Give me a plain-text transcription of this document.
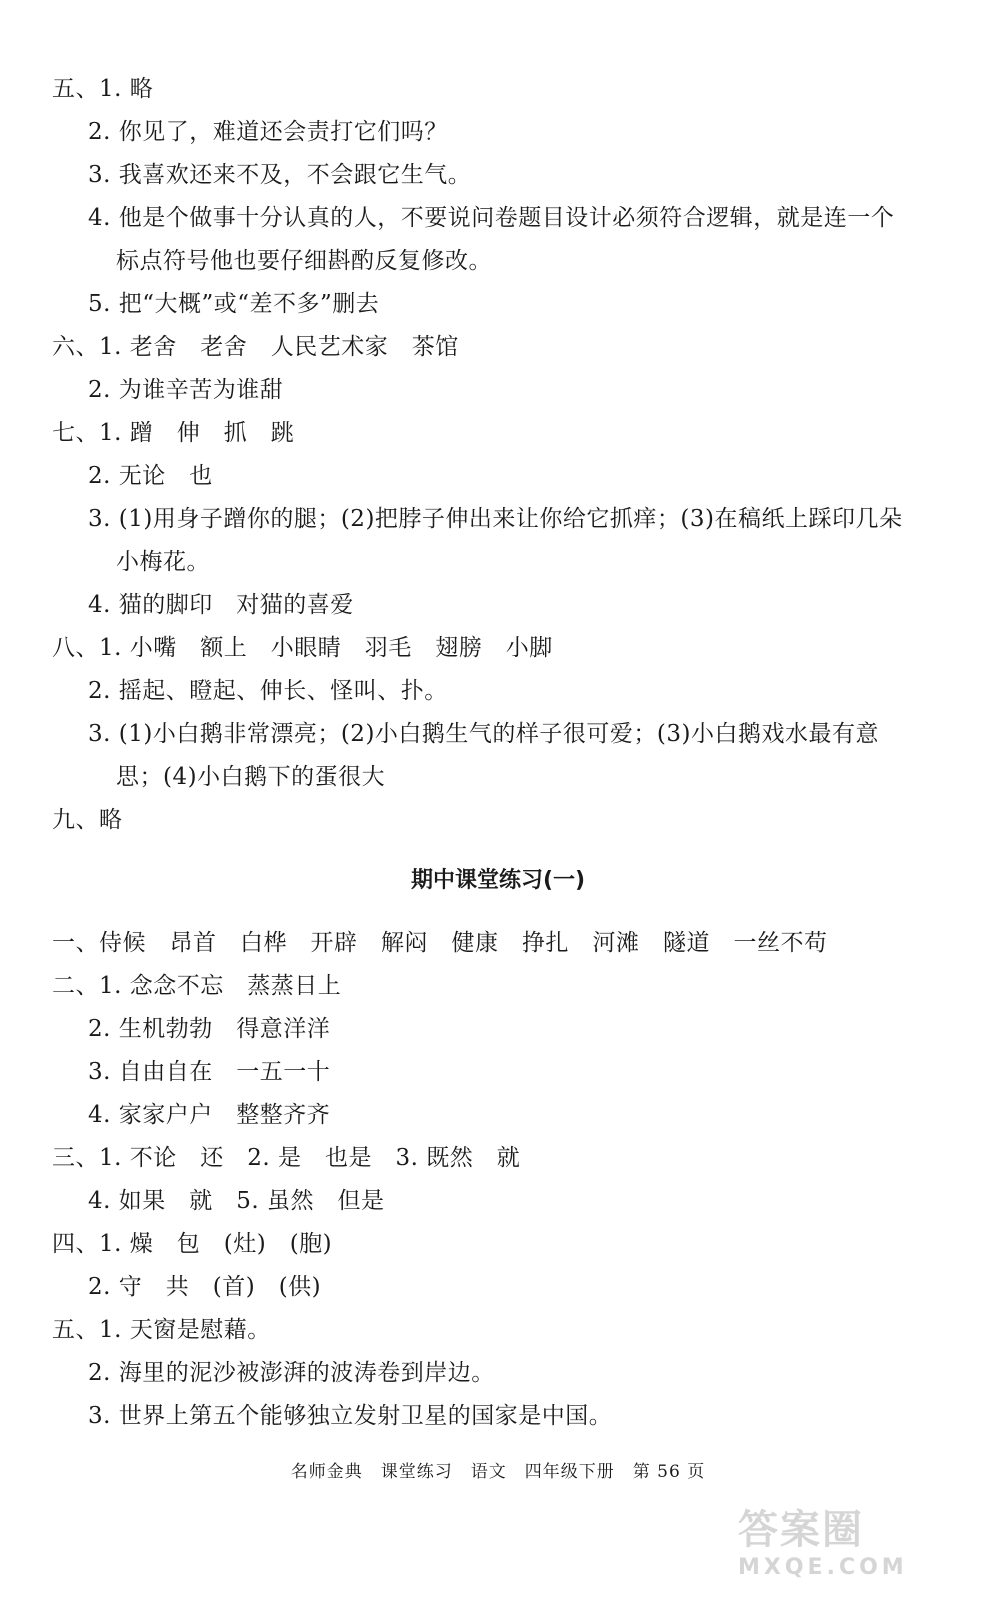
五、1. 略
2. 你见了，难道还会责打它们吗？
3. 我喜欢还来不及，不会跟它生气。
4. 他是个做事十分认真的人，不要说问卷题目设计必须符合逻辑，就是连一个
标点符号他也要仔细斟酌反复修改。
5. 把“大概”或“差不多”删去
六、1. 老舍　老舍　人民艺术家　茶馆
2. 为谁辛苦为谁甜
七、1. 蹭　伸　抓　跳
2. 无论　也
3. (1)用身子蹭你的腿；(2)把脖子伸出来让你给它抓痒；(3)在稿纸上踩印几朵
小梅花。
4. 猫的脚印　对猫的喜爱
八、1. 小嘴　额上　小眼睛　羽毛　翅膀　小脚
2. 摇起、瞪起、伸长、怪叫、扑。
3. (1)小白鹅非常漂亮；(2)小白鹅生气的样子很可爱；(3)小白鹅戏水最有意
思；(4)小白鹅下的蛋很大
九、略
期中课堂练习(一)
一、侍候　昂首　白桦　开辟　解闷　健康　挣扎　河滩　隧道　一丝不苟
二、1. 念念不忘　蒸蒸日上
2. 生机勃勃　得意洋洋
3. 自由自在　一五一十
4. 家家户户　整整齐齐
三、1. 不论　还　2. 是　也是　3. 既然　就
4. 如果　就　5. 虽然　但是
四、1. 燥　包　(灶)　(胞)
2. 守　共　(首)　(供)
五、1. 天窗是慰藉。
2. 海里的泥沙被澎湃的波涛卷到岸边。
3. 世界上第五个能够独立发射卫星的国家是中国。
名师金典　课堂练习　语文　四年级下册　第 56 页
答案圈
MXQE.COM
